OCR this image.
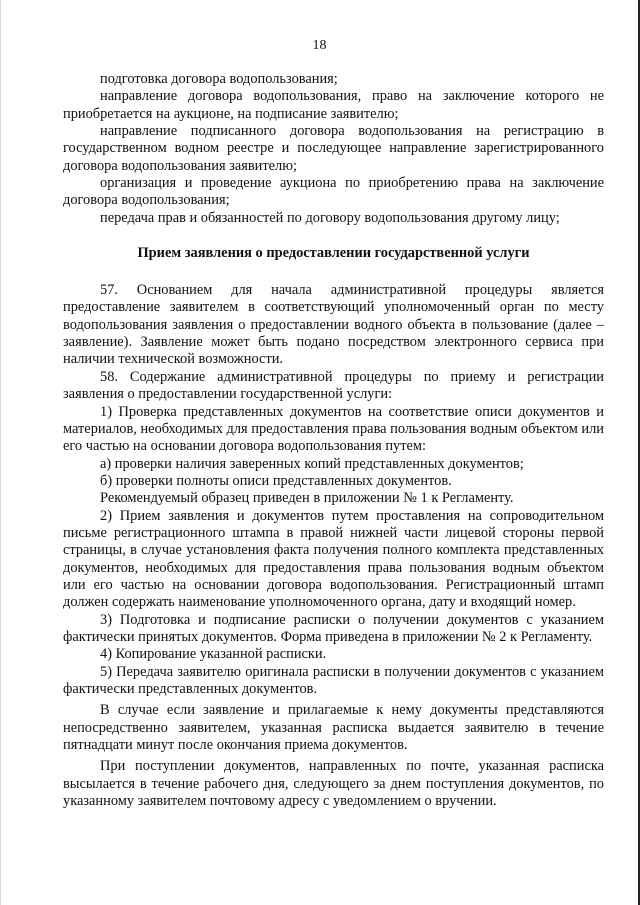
18

подготовка договора водопользования;

направление договора водопользования, право на заключение которого не приобретается на аукционе, на подписание заявителю;

направление подписанного договора водопользования на регистрацию в государственном водном реестре и последующее направление зарегистрированного договора водопользования заявителю;

организация и проведение аукциона по приобретению права на заключение договора водопользования;

передача прав и обязанностей по договору водопользования другому лицу;

Прием заявления о предоставлении государственной услуги

57. Основанием для начала административной процедуры является предоставление заявителем в соответствующий уполномоченный орган по месту водопользования заявления о предоставлении водного объекта в пользование (далее – заявление). Заявление может быть подано посредством электронного сервиса при наличии технической возможности.

58. Содержание административной процедуры по приему и регистрации заявления о предоставлении государственной услуги:

1) Проверка представленных документов на соответствие описи документов и материалов, необходимых для предоставления права пользования водным объектом или его частью на основании договора водопользования путем:

а) проверки наличия заверенных копий представленных документов;

б) проверки полноты описи представленных документов.

Рекомендуемый образец приведен в приложении № 1 к Регламенту.

2) Прием заявления и документов путем проставления на сопроводительном письме регистрационного штампа в правой нижней части лицевой стороны первой страницы, в случае установления факта получения полного комплекта представленных документов, необходимых для предоставления права пользования водным объектом или его частью на основании договора водопользования. Регистрационный штамп должен содержать наименование уполномоченного органа, дату и входящий номер.

3) Подготовка и подписание расписки о получении документов с указанием фактически принятых документов. Форма приведена в приложении № 2 к Регламенту.

4) Копирование указанной расписки.

5) Передача заявителю оригинала расписки в получении документов с указанием фактически представленных документов.

В случае если заявление и прилагаемые к нему документы представляются непосредственно заявителем, указанная расписка выдается заявителю в течение пятнадцати минут после окончания приема документов.

При поступлении документов, направленных по почте, указанная расписка высылается в течение рабочего дня, следующего за днем поступления документов, по указанному заявителем почтовому адресу с уведомлением о вручении.
